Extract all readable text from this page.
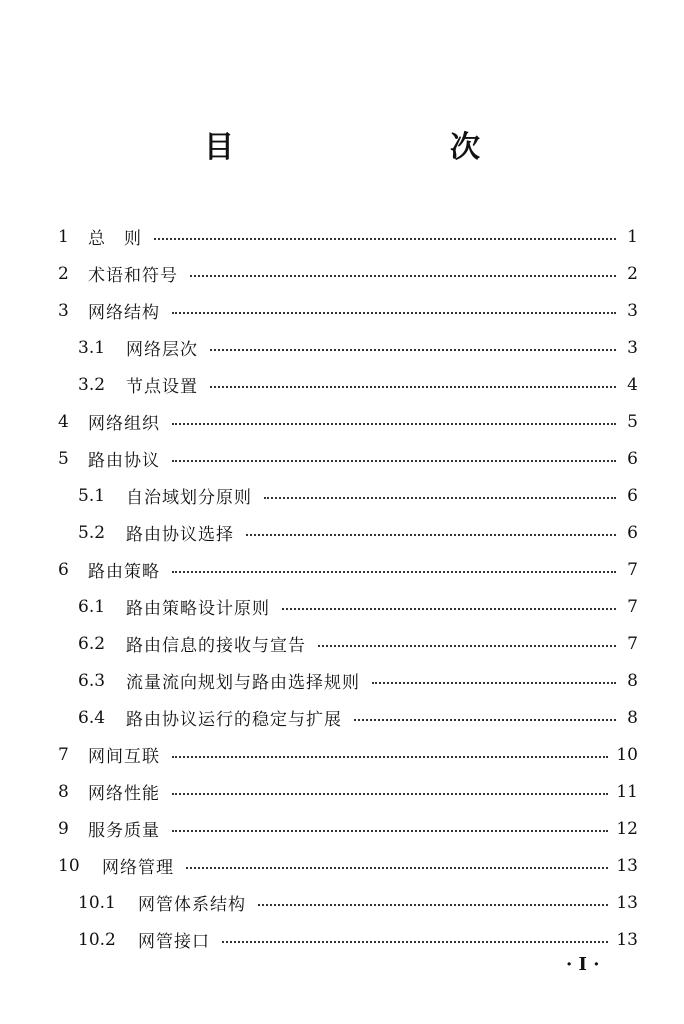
目　　次
1	总　则	1
2	术语和符号	2
3	网络结构	3
3.1	网络层次	3
3.2	节点设置	4
4	网络组织	5
5	路由协议	6
5.1	自治域划分原则	6
5.2	路由协议选择	6
6	路由策略	7
6.1	路由策略设计原则	7
6.2	路由信息的接收与宣告	7
6.3	流量流向规划与路由选择规则	8
6.4	路由协议运行的稳定与扩展	8
7	网间互联	10
8	网络性能	11
9	服务质量	12
10	网络管理	13
10.1	网管体系结构	13
10.2	网管接口	13
· Ⅰ ·
